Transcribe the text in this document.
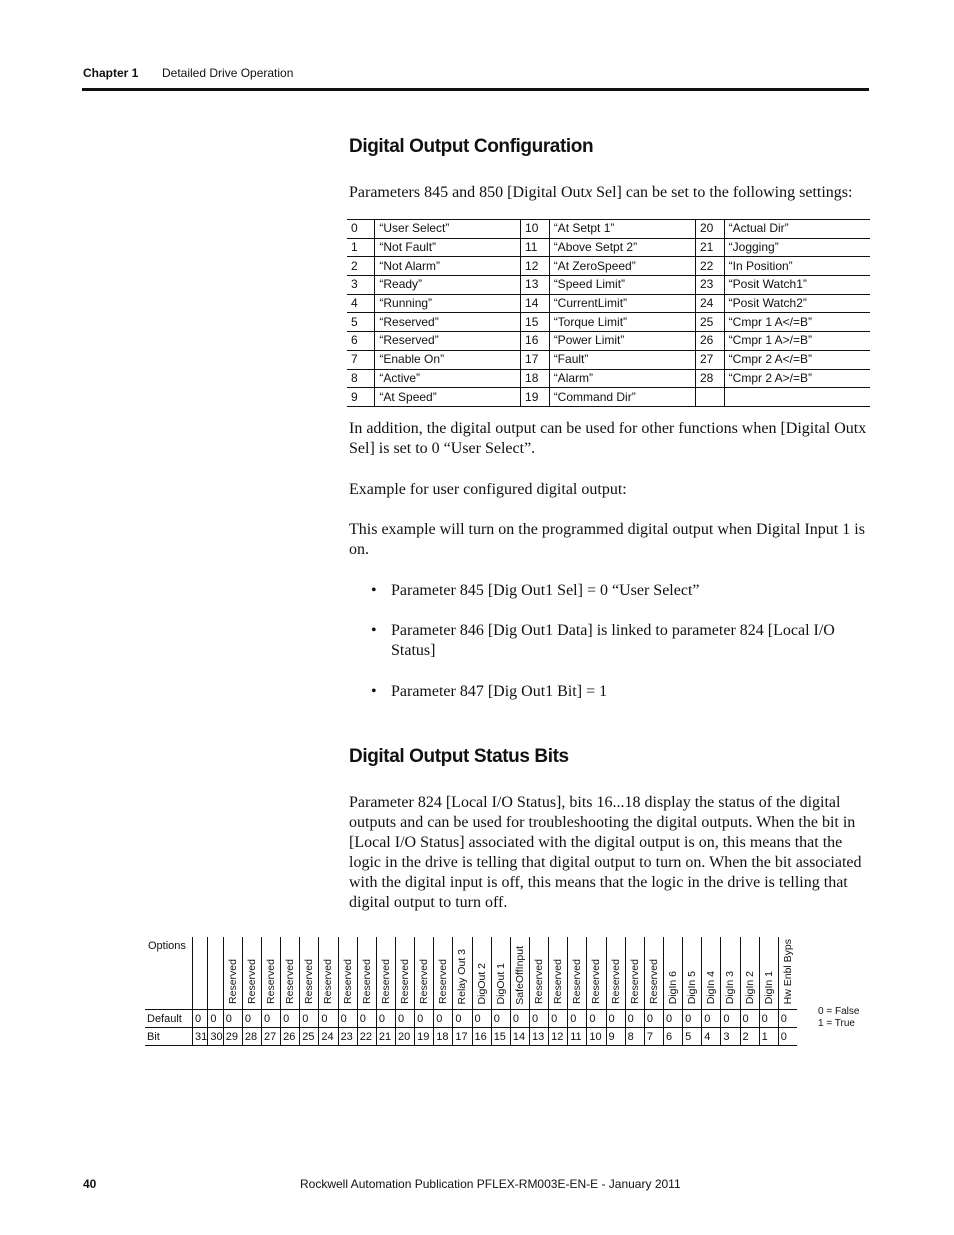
Chapter 1 Detailed Drive Operation
Digital Output Configuration

Parameters 845 and 850 [Digital Outx Sel] can be set to the following settings:

0	“User Select”	10	“At Setpt 1”	20	“Actual Dir”
1	“Not Fault”	11	“Above Setpt 2”	21	“Jogging”
2	“Not Alarm”	12	“At ZeroSpeed”	22	“In Position”
3	“Ready”	13	“Speed Limit”	23	“Posit Watch1”
4	“Running”	14	“CurrentLimit”	24	“Posit Watch2”
5	“Reserved”	15	“Torque Limit”	25	“Cmpr 1 A</=B”
6	“Reserved”	16	“Power Limit”	26	“Cmpr 1 A>/=B”
7	“Enable On”	17	“Fault”	27	“Cmpr 2 A</=B”
8	“Active”	18	“Alarm”	28	“Cmpr 2 A>/=B”
9	“At Speed”	19	“Command Dir”		

In addition, the digital output can be used for other functions when [Digital Outx Sel] is set to 0 “User Select”.

Example for user configured digital output:

This example will turn on the programmed digital output when Digital Input 1 is on.

• Parameter 845 [Dig Out1 Sel] = 0 “User Select”
• Parameter 846 [Dig Out1 Data] is linked to parameter 824 [Local I/O Status]
• Parameter 847 [Dig Out1 Bit] = 1
Digital Output Status Bits

Parameter 824 [Local I/O Status], bits 16...18 display the status of the digital outputs and can be used for troubleshooting the digital outputs. When the bit in [Local I/O Status] associated with the digital output is on, this means that the logic in the drive is telling that digital output to turn on. When the bit associated with the digital input is off, this means that the logic in the drive is telling that digital output to turn off.

Options			Reserved	Reserved	Reserved	Reserved	Reserved	Reserved	Reserved	Reserved	Reserved	Reserved	Reserved	Reserved	Relay Out 3	DigOut 2	DigOut 1	SafeOffInput	Reserved	Reserved	Reserved	Reserved	Reserved	Reserved	Reserved	DigIn 6	DigIn 5	DigIn 4	DigIn 3	DigIn 2	DigIn 1	Hw Enbl Byps
Default	0	0	0	0	0	0	0	0	0	0	0	0	0	0	0	0	0	0	0	0	0	0	0	0	0	0	0	0	0	0	0	0
Bit	31	30	29	28	27	26	25	24	23	22	21	20	19	18	17	16	15	14	13	12	11	10	9	8	7	6	5	4	3	2	1	0
0 = False
1 = True
40	Rockwell Automation Publication PFLEX-RM003E-EN-E - January 2011
